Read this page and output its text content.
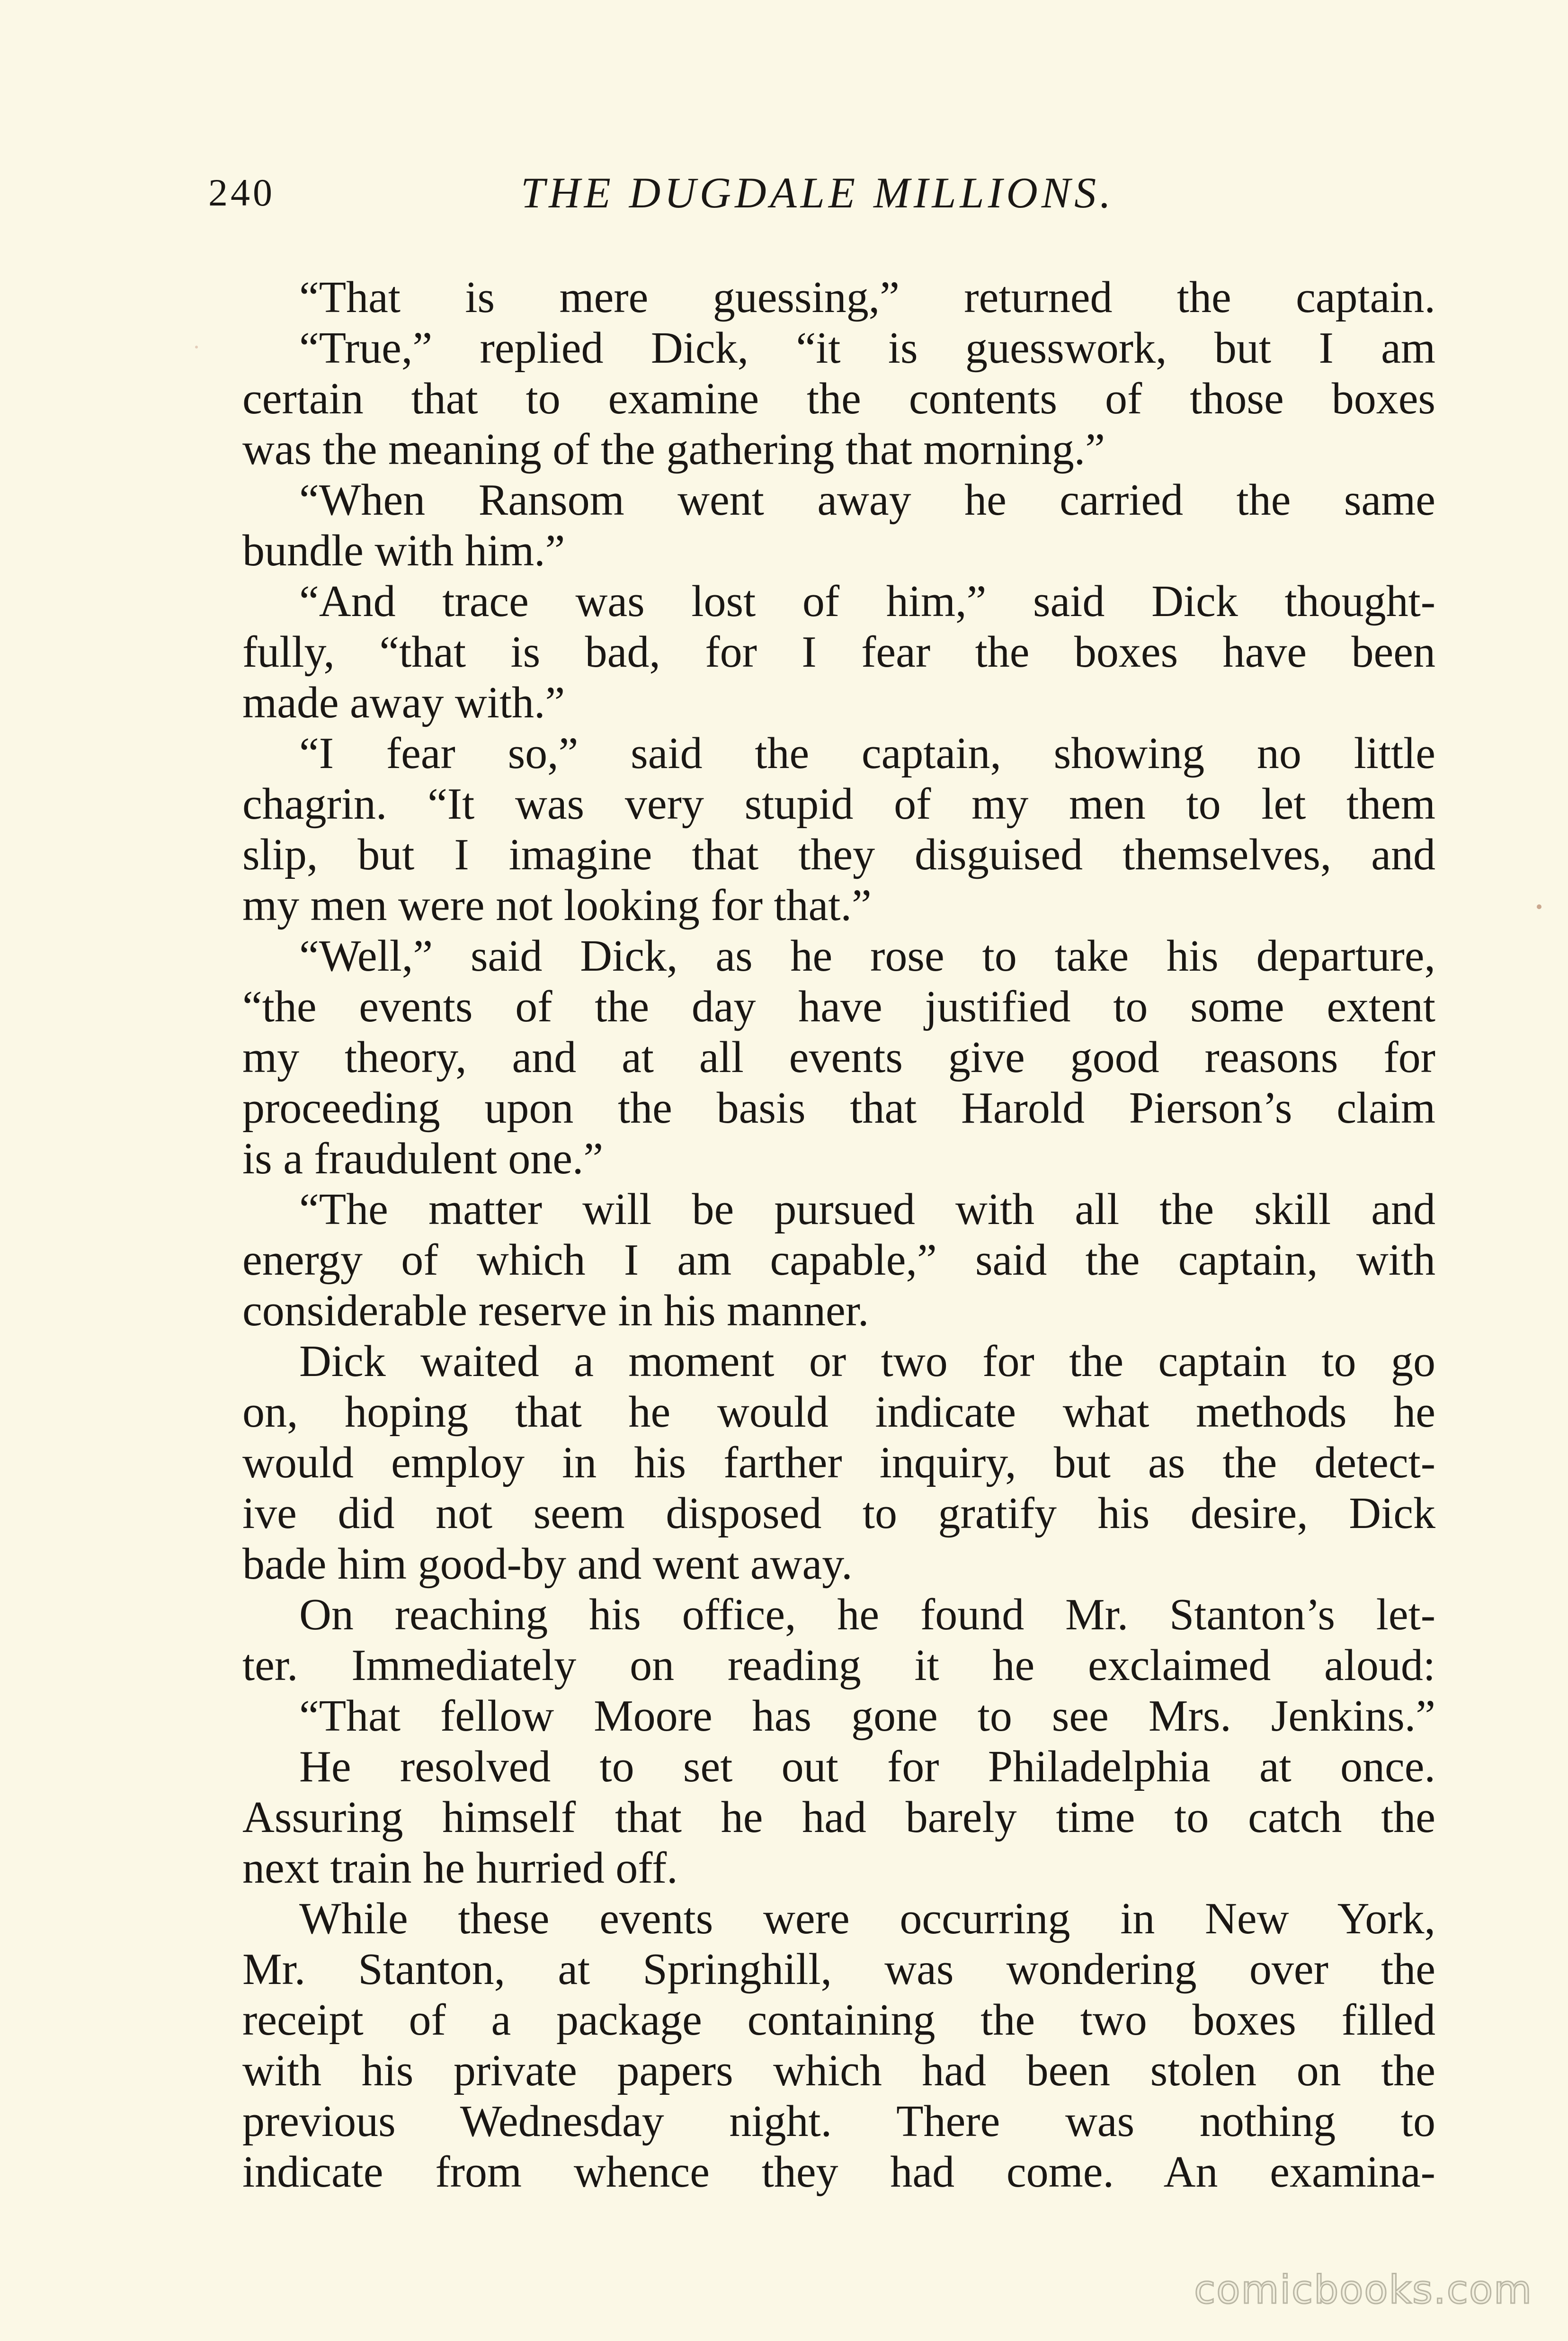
240	THE DUGDALE MILLIONS.
“That is mere guessing,” returned the captain.
“True,” replied Dick, “it is guesswork, but I am
certain that to examine the contents of those boxes
was the meaning of the gathering that morning.”
“When Ransom went away he carried the same
bundle with him.”
“And trace was lost of him,” said Dick thought-
fully, “that is bad, for I fear the boxes have been
made away with.”
“I fear so,” said the captain, showing no little
chagrin. “It was very stupid of my men to let them
slip, but I imagine that they disguised themselves, and
my men were not looking for that.”
“Well,” said Dick, as he rose to take his departure,
“the events of the day have justified to some extent
my theory, and at all events give good reasons for
proceeding upon the basis that Harold Pierson’s claim
is a fraudulent one.”
“The matter will be pursued with all the skill and
energy of which I am capable,” said the captain, with
considerable reserve in his manner.
Dick waited a moment or two for the captain to go
on, hoping that he would indicate what methods he
would employ in his farther inquiry, but as the detect-
ive did not seem disposed to gratify his desire, Dick
bade him good-by and went away.
On reaching his office, he found Mr. Stanton’s let-
ter. Immediately on reading it he exclaimed aloud:
“That fellow Moore has gone to see Mrs. Jenkins.”
He resolved to set out for Philadelphia at once.
Assuring himself that he had barely time to catch the
next train he hurried off.
While these events were occurring in New York,
Mr. Stanton, at Springhill, was wondering over the
receipt of a package containing the two boxes filled
with his private papers which had been stolen on the
previous Wednesday night. There was nothing to
indicate from whence they had come. An examina-
comicbooks.com
